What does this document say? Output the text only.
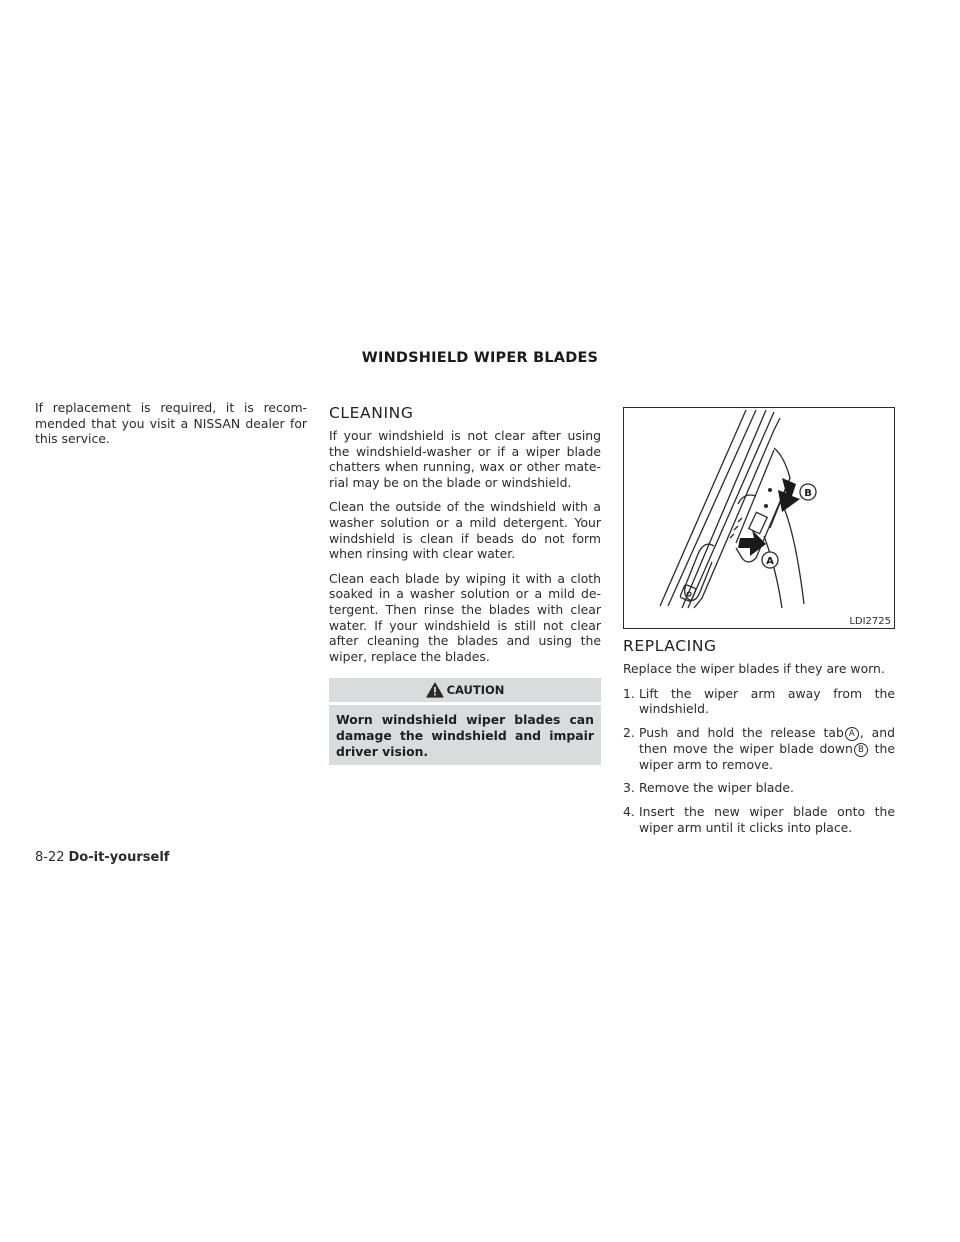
WINDSHIELD WIPER BLADES

If replacement is required, it is recom-mended that you visit a NISSAN dealer for this service.

CLEANING

If your windshield is not clear after using the windshield-washer or if a wiper blade chatters when running, wax or other mate-rial may be on the blade or windshield.

Clean the outside of the windshield with a washer solution or a mild detergent. Your windshield is clean if beads do not form when rinsing with clear water.

Clean each blade by wiping it with a cloth soaked in a washer solution or a mild de-tergent. Then rinse the blades with clear water. If your windshield is still not clear after cleaning the blades and using the wiper, replace the blades.

CAUTION
Worn windshield wiper blades can damage the windshield and impair driver vision.
B
A
LDI2725
REPLACING

Replace the wiper blades if they are worn.

1. Lift the wiper arm away from the windshield.
2. Push and hold the release tab A , and then move the wiper blade down B the wiper arm to remove.
3. Remove the wiper blade.
4. Insert the new wiper blade onto the wiper arm until it clicks into place.
8-22 Do-it-yourself
